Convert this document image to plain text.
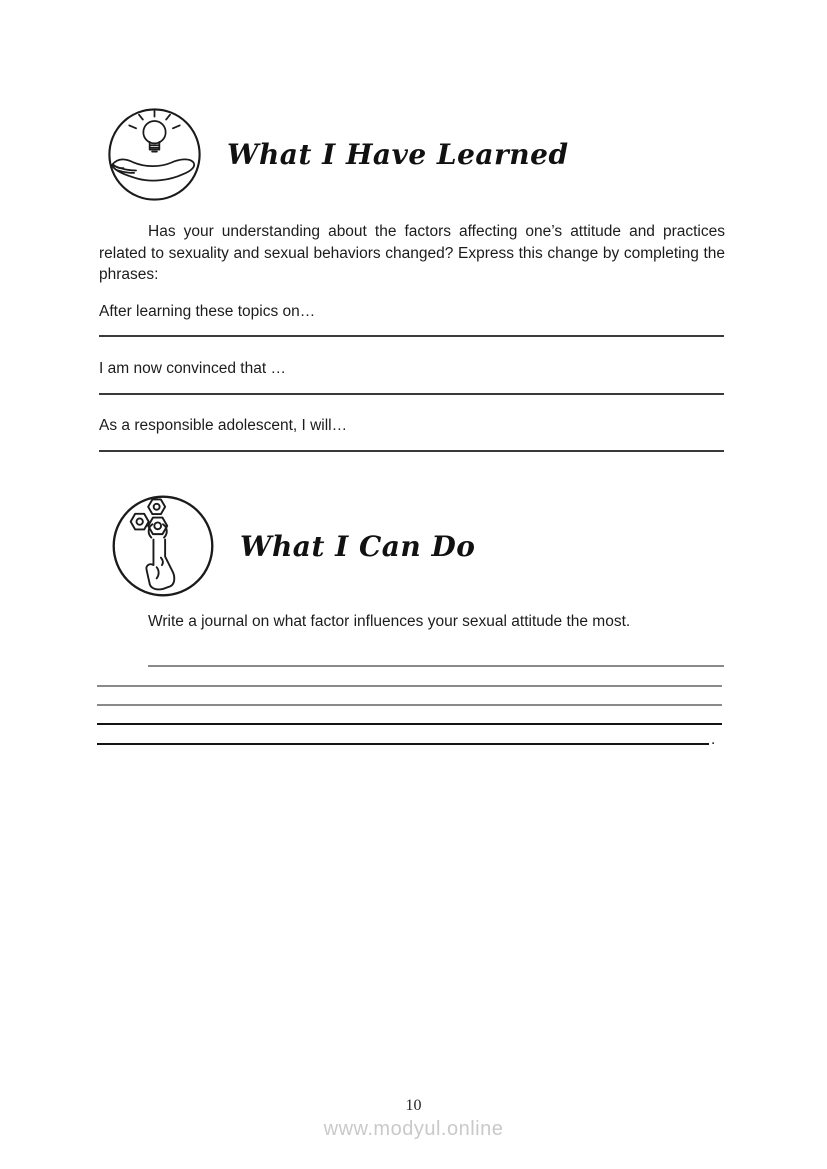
What I Have Learned

Has your understanding about the factors affecting one’s attitude and practices related to sexuality and sexual behaviors changed? Express this change by completing the phrases:

After learning these topics on…

I am now convinced that …

As a responsible adolescent, I will…

What I Can Do

Write a journal on what factor influences your sexual attitude the most.

.
10
www.modyul.online
